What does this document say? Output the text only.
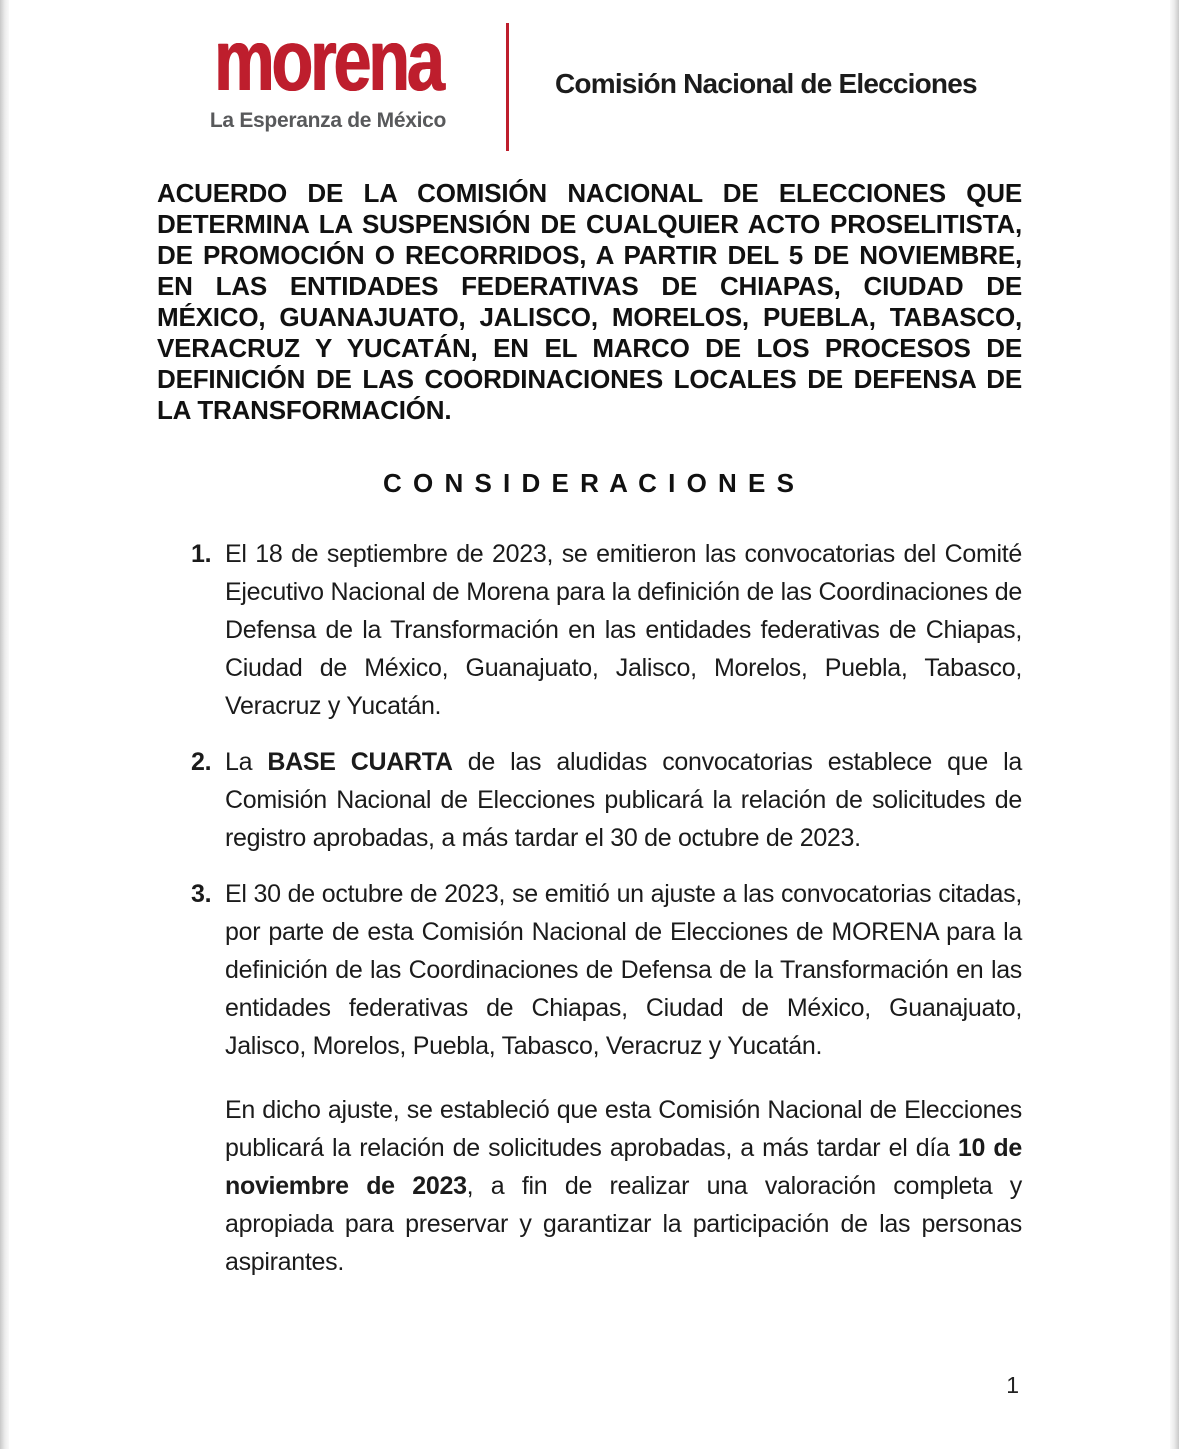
morena
La Esperanza de México
Comisión Nacional de Elecciones
ACUERDO DE LA COMISIÓN NACIONAL DE ELECCIONES QUE DETERMINA LA SUSPENSIÓN DE CUALQUIER ACTO PROSELITISTA, DE PROMOCIÓN O RECORRIDOS, A PARTIR DEL 5 DE NOVIEMBRE, EN LAS ENTIDADES FEDERATIVAS DE CHIAPAS, CIUDAD DE MÉXICO, GUANAJUATO, JALISCO, MORELOS, PUEBLA, TABASCO, VERACRUZ Y YUCATÁN, EN EL MARCO DE LOS PROCESOS DE DEFINICIÓN DE LAS COORDINACIONES LOCALES DE DEFENSA DE LA TRANSFORMACIÓN.
C O N S I D E R A C I O N E S
1. El 18 de septiembre de 2023, se emitieron las convocatorias del Comité Ejecutivo Nacional de Morena para la definición de las Coordinaciones de Defensa de la Transformación en las entidades federativas de Chiapas, Ciudad de México, Guanajuato, Jalisco, Morelos, Puebla, Tabasco, Veracruz y Yucatán.
2. La BASE CUARTA de las aludidas convocatorias establece que la Comisión Nacional de Elecciones publicará la relación de solicitudes de registro aprobadas, a más tardar el 30 de octubre de 2023.
3. El 30 de octubre de 2023, se emitió un ajuste a las convocatorias citadas, por parte de esta Comisión Nacional de Elecciones de MORENA para la definición de las Coordinaciones de Defensa de la Transformación en las entidades federativas de Chiapas, Ciudad de México, Guanajuato, Jalisco, Morelos, Puebla, Tabasco, Veracruz y Yucatán.

En dicho ajuste, se estableció que esta Comisión Nacional de Elecciones publicará la relación de solicitudes aprobadas, a más tardar el día 10 de noviembre de 2023, a fin de realizar una valoración completa y apropiada para preservar y garantizar la participación de las personas aspirantes.

1
